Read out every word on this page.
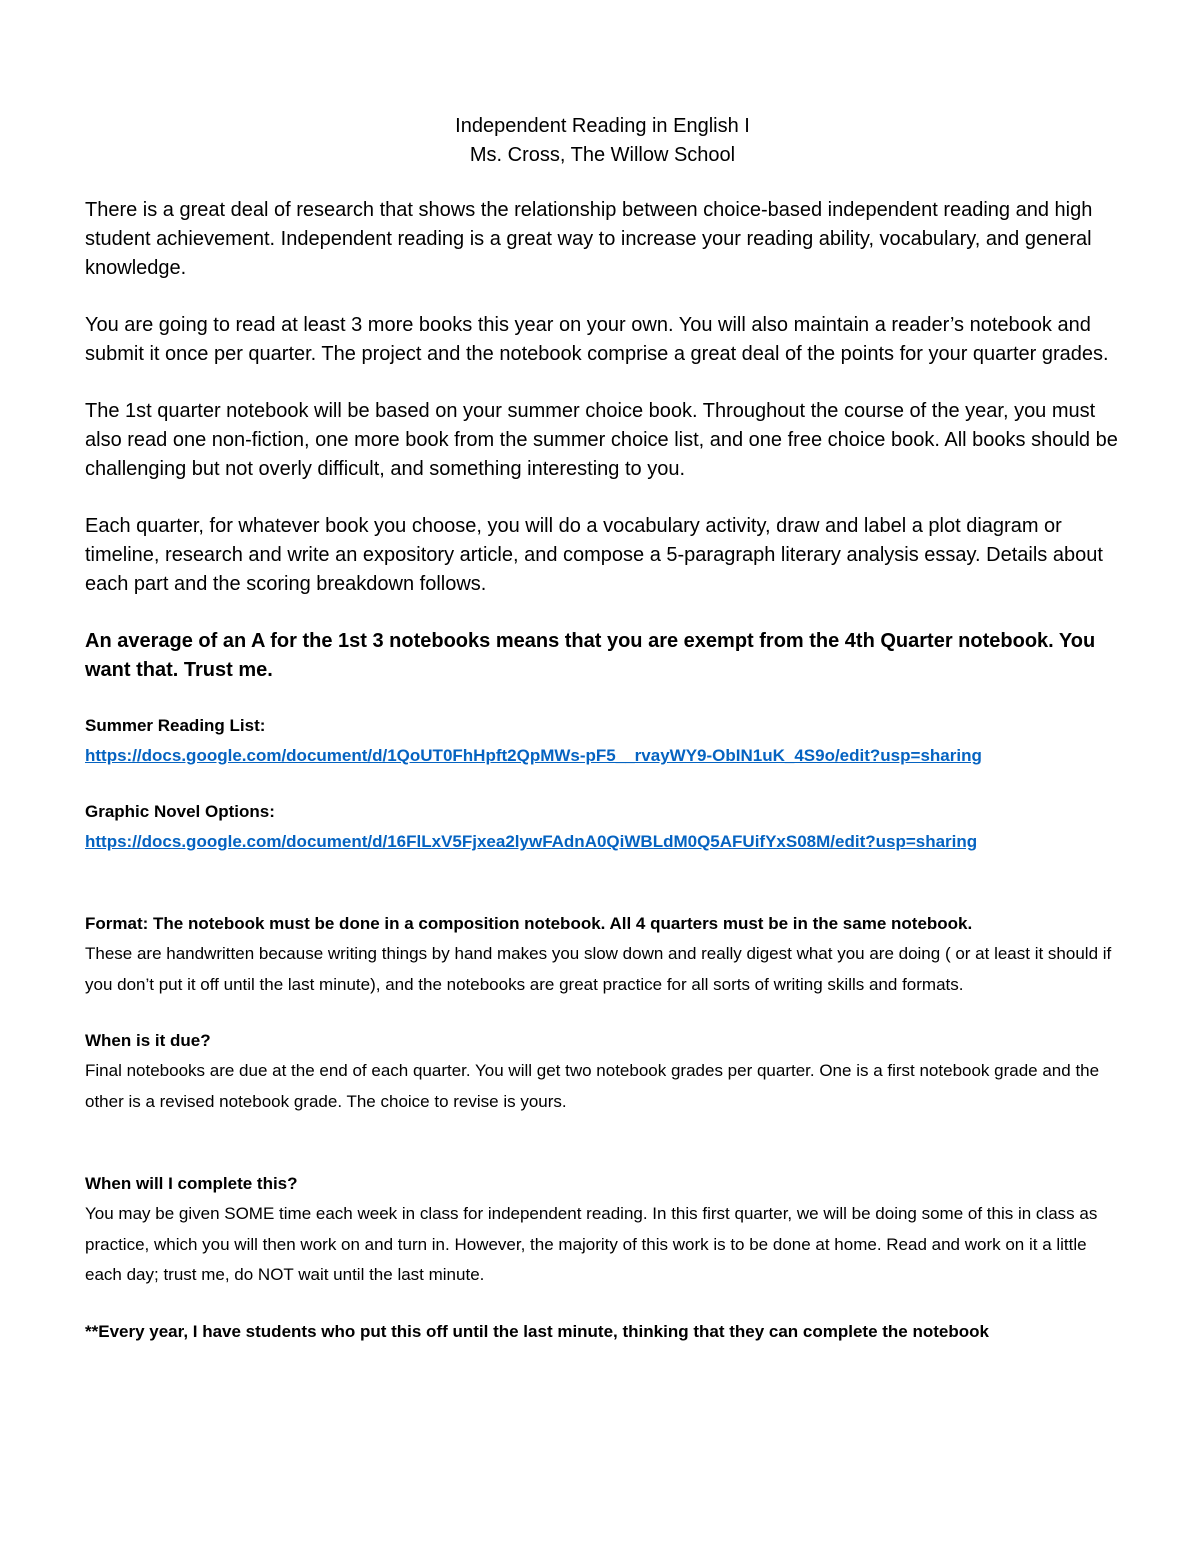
Independent Reading in English I
Ms. Cross, The Willow School

There is a great deal of research that shows the relationship between choice-based independent reading and high student achievement. Independent reading is a great way to increase your reading ability, vocabulary, and general knowledge.

You are going to read at least 3 more books this year on your own. You will also maintain a reader’s notebook and submit it once per quarter. The project and the notebook comprise a great deal of the points for your quarter grades.

The 1st quarter notebook will be based on your summer choice book. Throughout the course of the year, you must also read one non-fiction, one more book from the summer choice list, and one free choice book. All books should be challenging but not overly difficult, and something interesting to you.

Each quarter, for whatever book you choose, you will do a vocabulary activity, draw and label a plot diagram or timeline, research and write an expository article, and compose a 5-paragraph literary analysis essay. Details about each part and the scoring breakdown follows.

An average of an A for the 1st 3 notebooks means that you are exempt from the 4th Quarter notebook. You want that. Trust me.

Summer Reading List:

https://docs.google.com/document/d/1QoUT0FhHpft2QpMWs-pF5__rvayWY9-ObIN1uK_4S9o/edit?usp=sharing

Graphic Novel Options:

https://docs.google.com/document/d/16FlLxV5Fjxea2lywFAdnA0QiWBLdM0Q5AFUifYxS08M/edit?usp=sharing

Format: The notebook must be done in a composition notebook. All 4 quarters must be in the same notebook.

These are handwritten because writing things by hand makes you slow down and really digest what you are doing ( or at least it should if you don’t put it off until the last minute), and the notebooks are great practice for all sorts of writing skills and formats.

When is it due?

Final notebooks are due at the end of each quarter. You will get two notebook grades per quarter. One is a first notebook grade and the other is a revised notebook grade. The choice to revise is yours.

When will I complete this?

You may be given SOME time each week in class for independent reading. In this first quarter, we will be doing some of this in class as practice, which you will then work on and turn in. However, the majority of this work is to be done at home. Read and work on it a little each day; trust me, do NOT wait until the last minute.

**Every year, I have students who put this off until the last minute, thinking that they can complete the notebook
